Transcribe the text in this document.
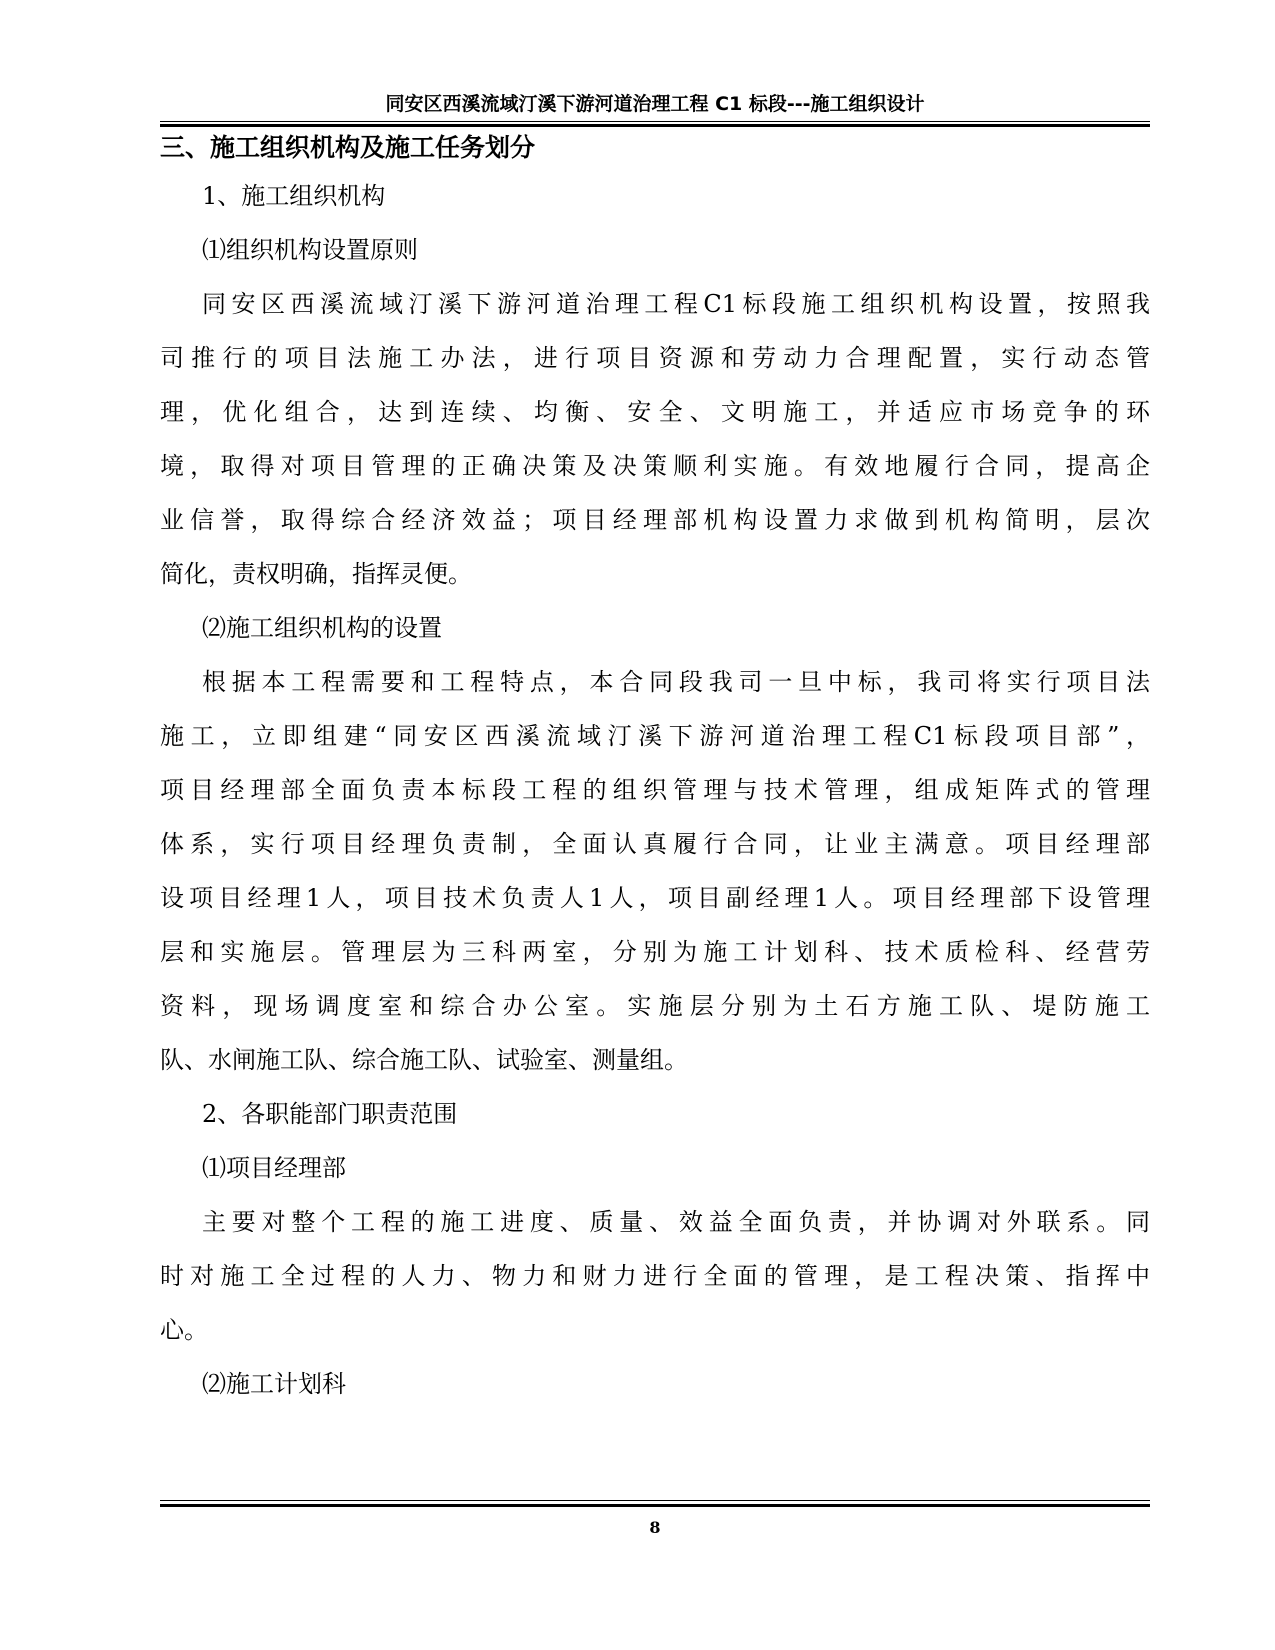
同安区西溪流域汀溪下游河道治理工程 C1 标段---施工组织设计
三、施工组织机构及施工任务划分
1、施工组织机构
⑴组织机构设置原则
同安区西溪流域汀溪下游河道治理工程C1标段施工组织机构设置，按照我
司推行的项目法施工办法，进行项目资源和劳动力合理配置，实行动态管
理，优化组合，达到连续、均衡、安全、文明施工，并适应市场竞争的环
境，取得对项目管理的正确决策及决策顺利实施。有效地履行合同，提高企
业信誉，取得综合经济效益；项目经理部机构设置力求做到机构简明，层次
简化，责权明确，指挥灵便。
⑵施工组织机构的设置
根据本工程需要和工程特点，本合同段我司一旦中标，我司将实行项目法
施工，立即组建“同安区西溪流域汀溪下游河道治理工程C1标段项目部”，
项目经理部全面负责本标段工程的组织管理与技术管理，组成矩阵式的管理
体系，实行项目经理负责制，全面认真履行合同，让业主满意。项目经理部
设项目经理1人，项目技术负责人1人，项目副经理1人。项目经理部下设管理
层和实施层。管理层为三科两室，分别为施工计划科、技术质检科、经营劳
资料，现场调度室和综合办公室。实施层分别为土石方施工队、堤防施工
队、水闸施工队、综合施工队、试验室、测量组。
2、各职能部门职责范围
⑴项目经理部
主要对整个工程的施工进度、质量、效益全面负责，并协调对外联系。同
时对施工全过程的人力、物力和财力进行全面的管理，是工程决策、指挥中
心。
⑵施工计划科
8
